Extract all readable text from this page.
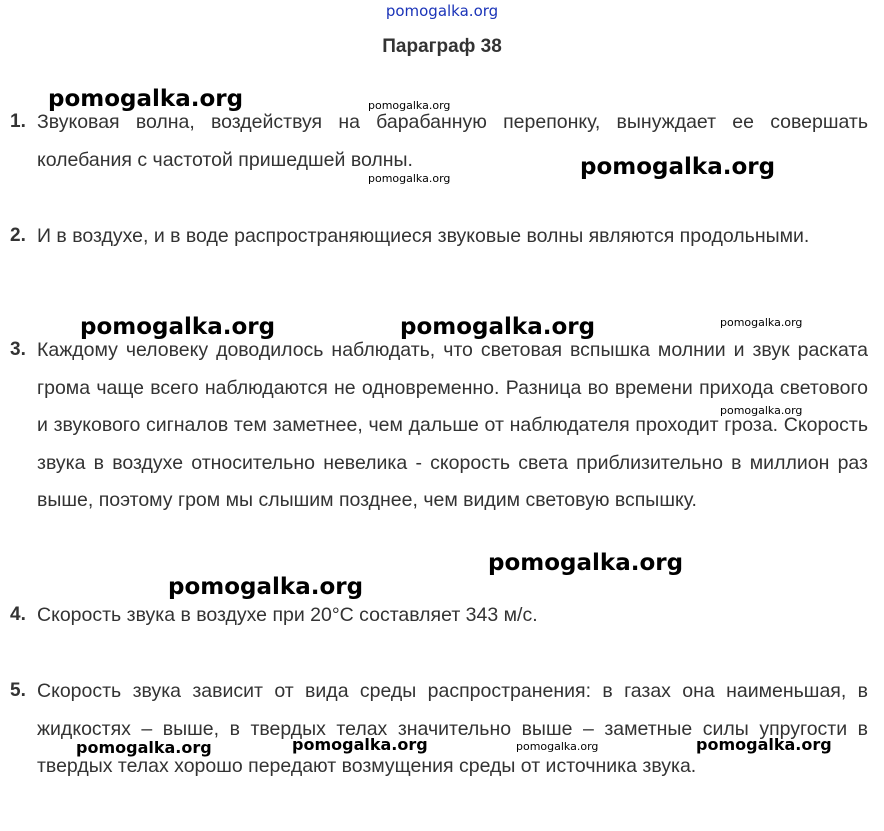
pomogalka.org
Параграф 38
1. Звуковая волна, воздействуя на барабанную перепонку, вынуждает ее совершать колебания с частотой пришедшей волны.
2. И в воздухе, и в воде распространяющиеся звуковые волны являются продольными.
3. Каждому человеку доводилось наблюдать, что световая вспышка молнии и звук раската грома чаще всего наблюдаются не одновременно. Разница во времени прихода светового и звукового сигналов тем заметнее, чем дальше от наблюдателя проходит гроза. Скорость звука в воздухе относительно невелика - скорость света приблизительно в миллион раз выше, поэтому гром мы слышим позднее, чем видим световую вспышку.
4. Скорость звука в воздухе при 20°С составляет 343 м/с.
5. Скорость звука зависит от вида среды распространения: в газах она наименьшая, в жидкостях – выше, в твердых телах значительно выше – заметные силы упругости в твердых телах хорошо передают возмущения среды от источника звука.
pomogalka.org	pomogalka.org
pomogalka.org
pomogalka.org
pomogalka.org	pomogalka.org	pomogalka.org
pomogalka.org
pomogalka.org
pomogalka.org
pomogalka.org	pomogalka.org	pomogalka.org	pomogalka.org
